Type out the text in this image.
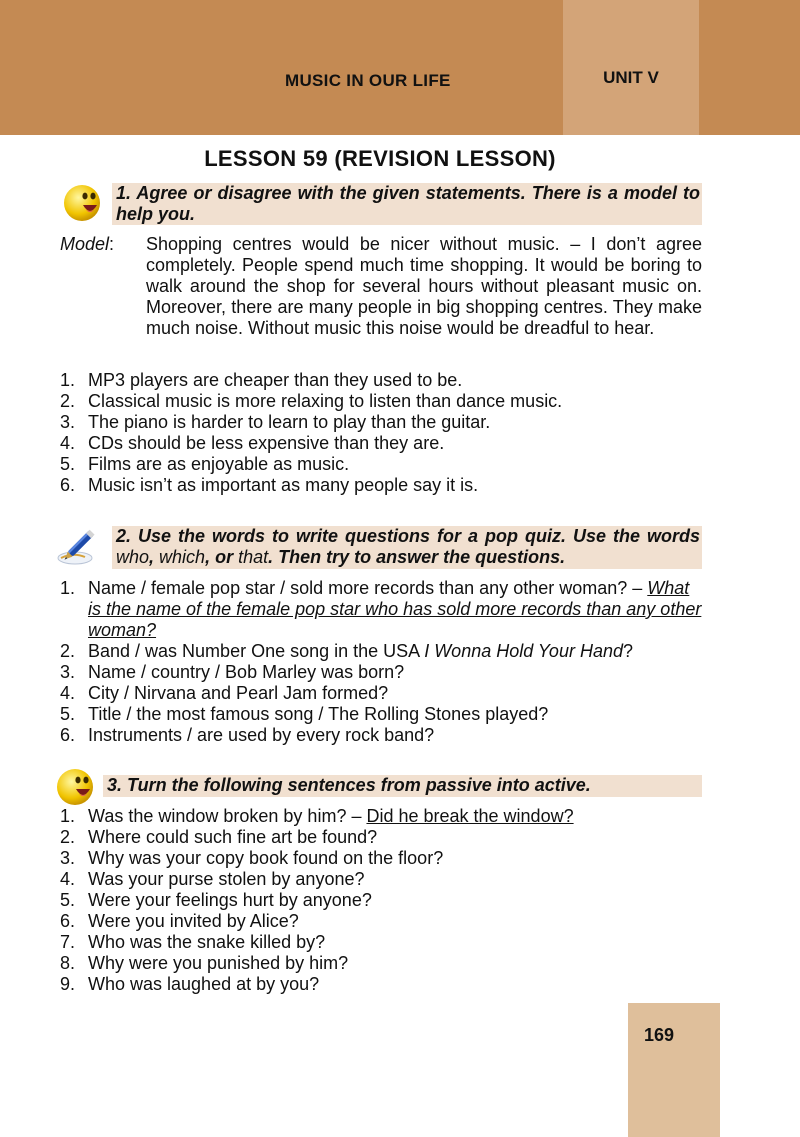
MUSIC IN OUR LIFE	UNIT V
LESSON 59 (REVISION LESSON)
1. Agree or disagree with the given statements. There is a model to help you.
Model: Shopping centres would be nicer without music. – I don’t agree completely. People spend much time shopping. It would be boring to walk around the shop for several hours without pleasant music on. Moreover, there are many people in big shopping centres. They make much noise. Without music this noise would be dreadful to hear.
1. MP3 players are cheaper than they used to be.
2. Classical music is more relaxing to listen than dance music.
3. The piano is harder to learn to play than the guitar.
4. CDs should be less expensive than they are.
5. Films are as enjoyable as music.
6. Music isn’t as important as many people say it is.
2. Use the words to write questions for a pop quiz. Use the words who, which, or that. Then try to answer the questions.
1. Name / female pop star / sold more records than any other woman? – What is the name of the female pop star who has sold more records than any other woman?
2. Band / was Number One song in the USA I Wonna Hold Your Hand?
3. Name / country / Bob Marley was born?
4. City / Nirvana and Pearl Jam formed?
5. Title / the most famous song / The Rolling Stones played?
6. Instruments / are used by every rock band?
3. Turn the following sentences from passive into active.
1. Was the window broken by him? – Did he break the window?
2. Where could such fine art be found?
3. Why was your copy book found on the floor?
4. Was your purse stolen by anyone?
5. Were your feelings hurt by anyone?
6. Were you invited by Alice?
7. Who was the snake killed by?
8. Why were you punished by him?
9. Who was laughed at by you?
169
